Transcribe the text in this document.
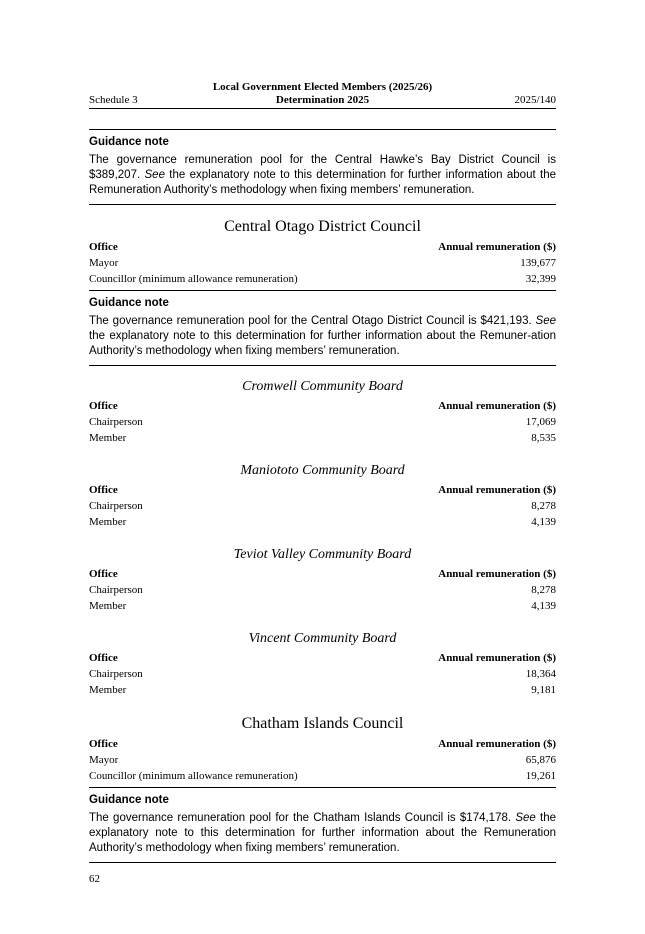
Local Government Elected Members (2025/26)
Determination 2025
Schedule 3	2025/140
Guidance note
The governance remuneration pool for the Central Hawke’s Bay District Council is $389,207. See the explanatory note to this determination for further information about the Remuneration Authority’s methodology when fixing members’ remuneration.
Central Otago District Council
Office	Annual remuneration ($)
Mayor	139,677
Councillor (minimum allowance remuneration)	32,399
Guidance note
The governance remuneration pool for the Central Otago District Council is $421,193. See the explanatory note to this determination for further information about the Remuner-ation Authority’s methodology when fixing members’ remuneration.
Cromwell Community Board
Office	Annual remuneration ($)
Chairperson	17,069
Member	8,535
Maniototo Community Board
Office	Annual remuneration ($)
Chairperson	8,278
Member	4,139
Teviot Valley Community Board
Office	Annual remuneration ($)
Chairperson	8,278
Member	4,139
Vincent Community Board
Office	Annual remuneration ($)
Chairperson	18,364
Member	9,181
Chatham Islands Council
Office	Annual remuneration ($)
Mayor	65,876
Councillor (minimum allowance remuneration)	19,261
Guidance note
The governance remuneration pool for the Chatham Islands Council is $174,178. See the explanatory note to this determination for further information about the Remuneration Authority’s methodology when fixing members’ remuneration.
62
